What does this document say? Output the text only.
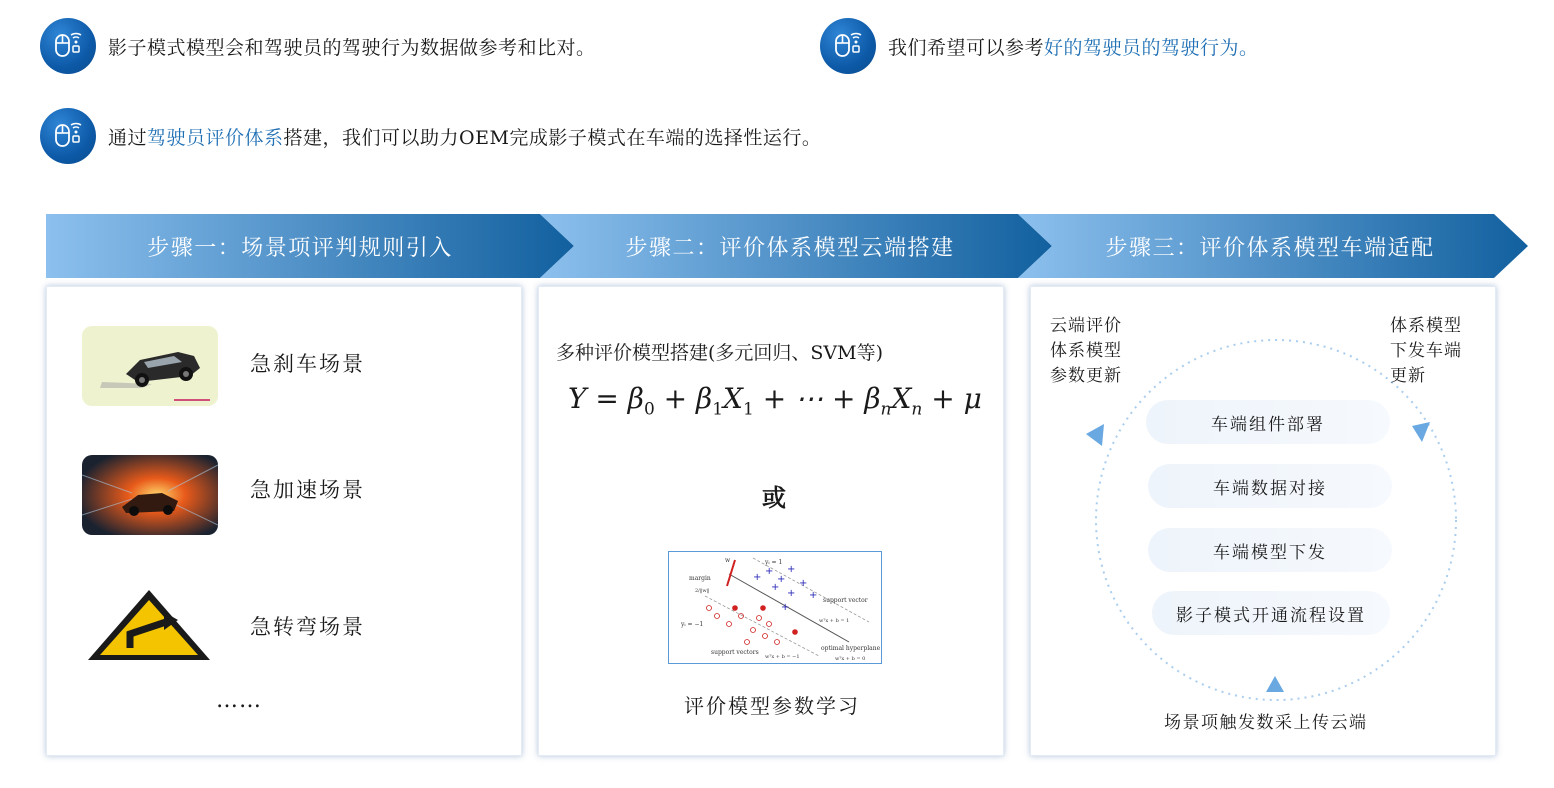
影子模式模型会和驾驶员的驾驶行为数据做参考和比对。	我们希望可以参考好的驾驶员的驾驶行为。
通过驾驶员评价体系搭建，我们可以助力OEM完成影子模式在车端的选择性运行。
步骤一：场景项评判规则引入	步骤二：评价体系模型云端搭建	步骤三：评价体系模型车端适配
急刹车场景
急加速场景
急转弯场景
……
多种评价模型搭建(多元回归、SVM等)
$Y = \beta_0 + \beta_1X_1$ + ⋯ + $\beta_nX_n + \mu$
或
w	yᵢ = 1
margin
2/‖w‖
yᵢ = −1
support vector
wᵀx + b = 1
optimal hyperplane
wᵀx + b = 0
support vectors
wᵀx + b = −1
+
+
+
+
+ +
+ +
+
评价模型参数学习
云端评价
体系模型
参数更新
体系模型
下发车端
更新
车端组件部署
车端数据对接
车端模型下发
影子模式开通流程设置
场景项触发数采上传云端
